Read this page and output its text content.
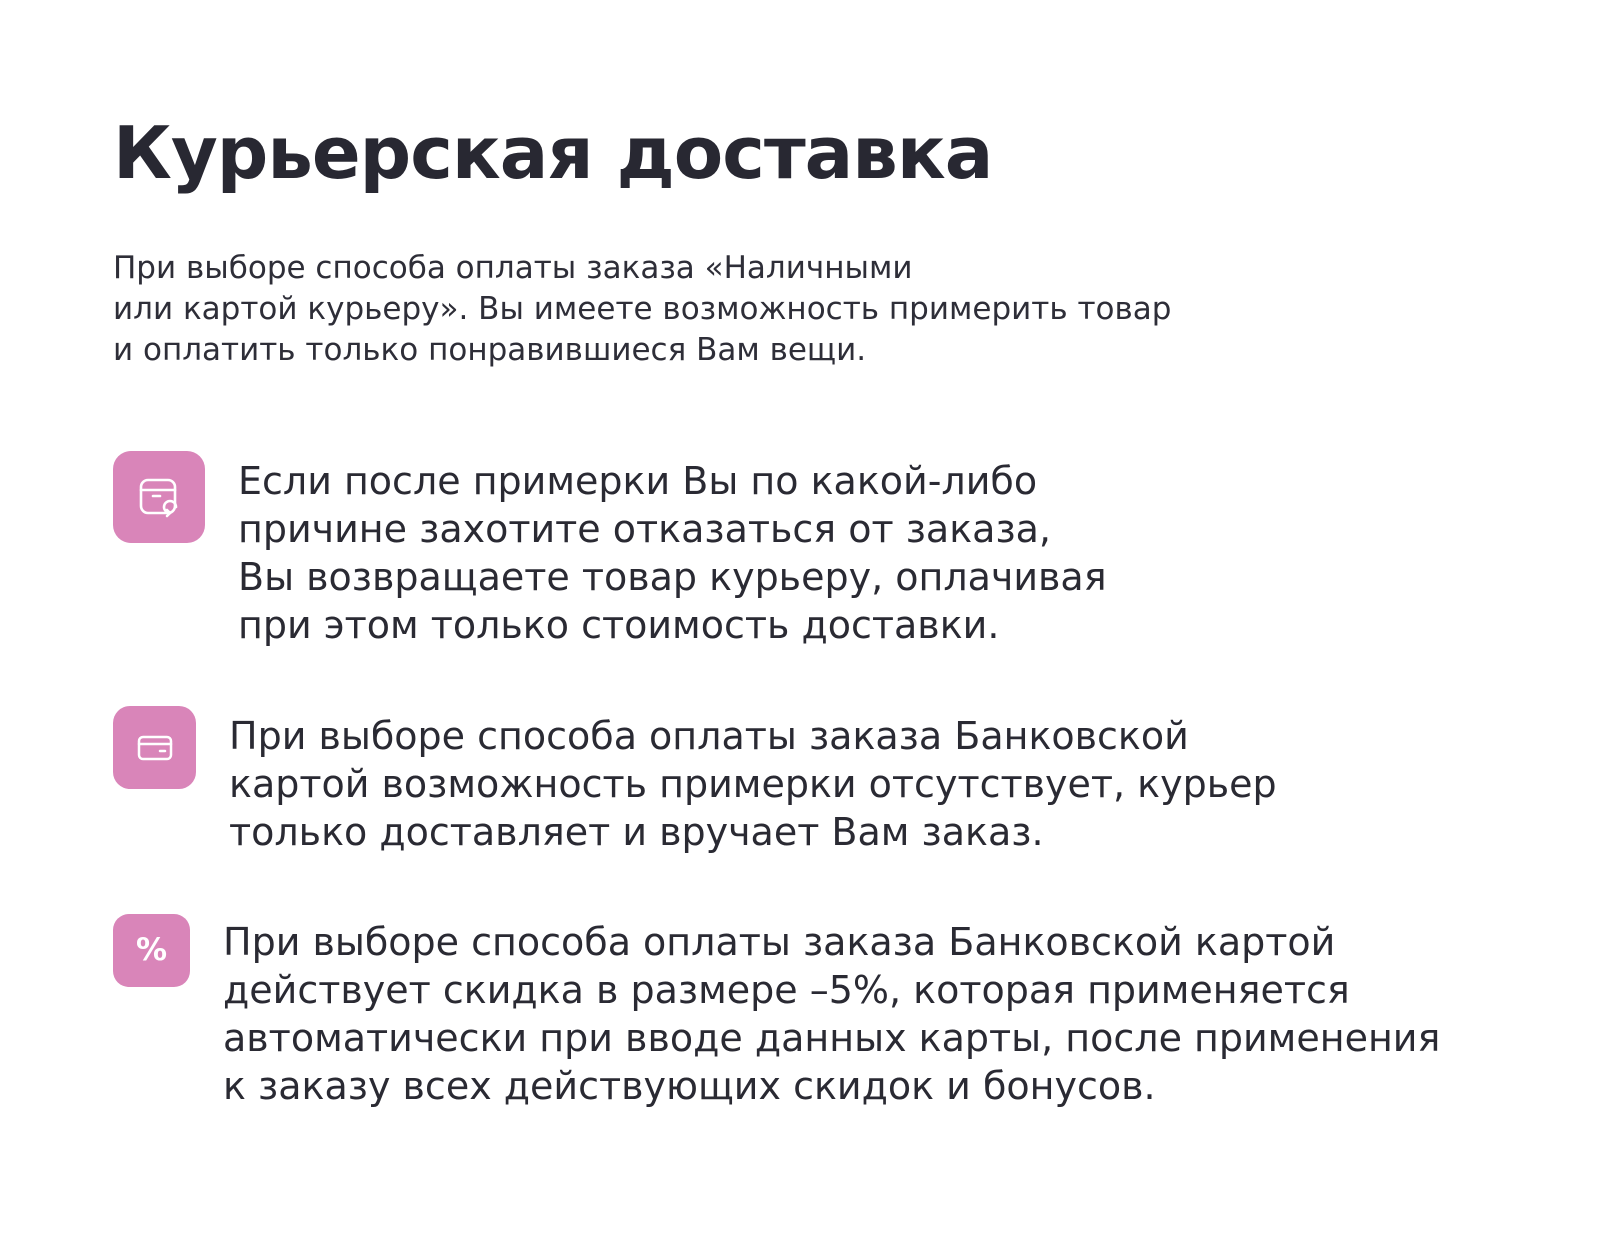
Курьерская доставка
При выборе способа оплаты заказа «Наличными
или картой курьеру». Вы имеете возможность примерить товар
и оплатить только понравившиеся Вам вещи.
Если после примерки Вы по какой-либо
причине захотите отказаться от заказа,
Вы возвращаете товар курьеру, оплачивая
при этом только стоимость доставки.
При выборе способа оплаты заказа Банковской
картой возможность примерки отсутствует, курьер
только доставляет и вручает Вам заказ.
% При выборе способа оплаты заказа Банковской картой
действует скидка в размере –5%, которая применяется
автоматически при вводе данных карты, после применения
к заказу всех действующих скидок и бонусов.
